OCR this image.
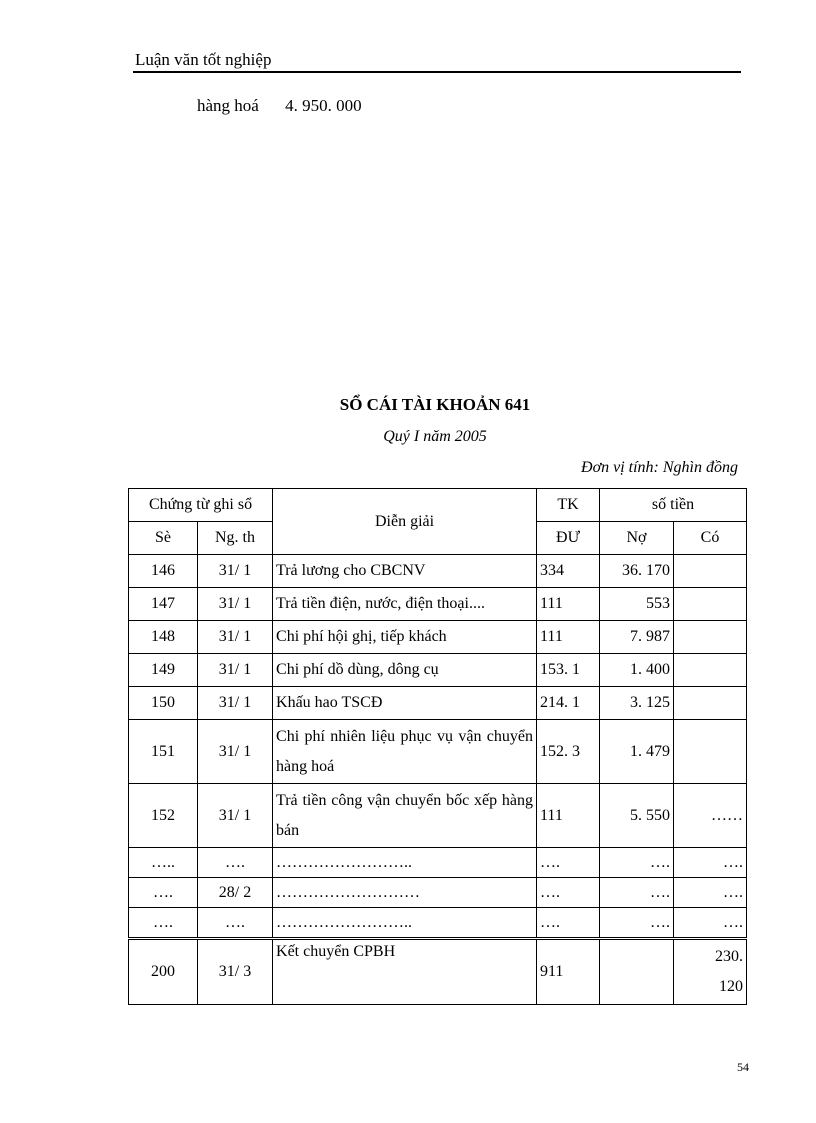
Luận văn tốt nghiệp
hàng hoá 4. 950. 000
SỔ CÁI TÀI KHOẢN 641
Quý I năm 2005
Đơn vị tính: Nghìn đồng
Chứng từ ghi sổ		Diễn giải	TK	số tiền	
Sè	Ng. th		ĐƯ	Nợ	Có
146	31/ 1	Trả lương cho CBCNV	334	36. 170	
147	31/ 1	Trả tiền điện, nước, điện thoại....	111	553	
148	31/ 1	Chi phí hội ghị, tiếp khách	111	7. 987	
149	31/ 1	Chi phí dồ dùng, dông cụ	153. 1	1. 400	
150	31/ 1	Khấu hao TSCĐ	214. 1	3. 125	
151	31/ 1	Chi phí nhiên liệu phục vụ vận chuyển hàng hoá	152. 3	1. 479	
152	31/ 1	Trả tiền công vận chuyển bốc xếp hàng bán	111	5. 550	……
…..	….	……………………..	….	….	….
….	28/ 2	………………………	….	….	….
….	….	……………………..	….	….	….
200	31/ 3	Kết chuyển CPBH	911		230. 120
54
